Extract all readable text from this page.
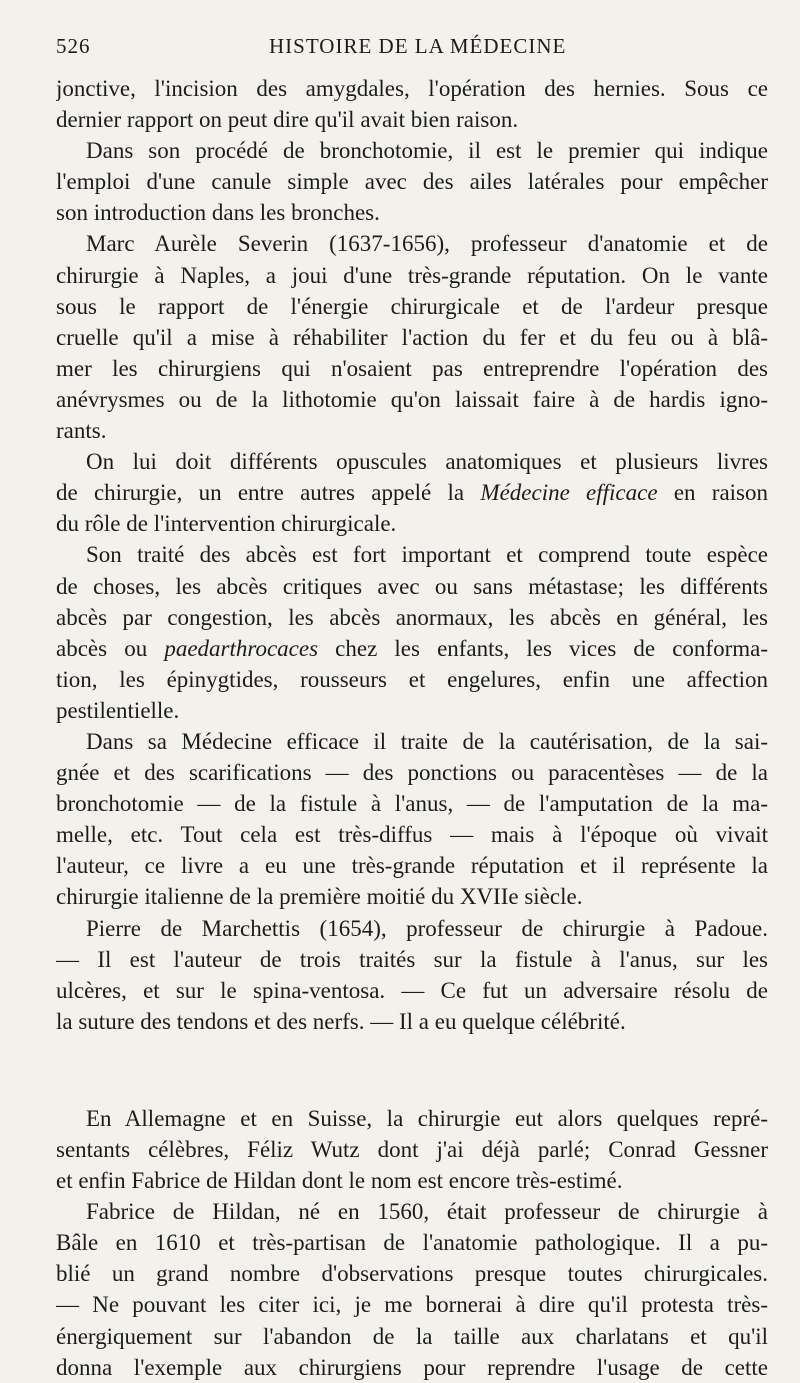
526	HISTOIRE DE LA MÉDECINE
jonctive, l'incision des amygdales, l'opération des hernies. Sous ce
dernier rapport on peut dire qu'il avait bien raison.
Dans son procédé de bronchotomie, il est le premier qui indique
l'emploi d'une canule simple avec des ailes latérales pour empêcher
son introduction dans les bronches.
Marc Aurèle Severin (1637-1656), professeur d'anatomie et de
chirurgie à Naples, a joui d'une très-grande réputation. On le vante
sous le rapport de l'énergie chirurgicale et de l'ardeur presque
cruelle qu'il a mise à réhabiliter l'action du fer et du feu ou à blâ-
mer les chirurgiens qui n'osaient pas entreprendre l'opération des
anévrysmes ou de la lithotomie qu'on laissait faire à de hardis igno-
rants.
On lui doit différents opuscules anatomiques et plusieurs livres
de chirurgie, un entre autres appelé la Médecine efficace en raison
du rôle de l'intervention chirurgicale.
Son traité des abcès est fort important et comprend toute espèce
de choses, les abcès critiques avec ou sans métastase; les différents
abcès par congestion, les abcès anormaux, les abcès en général, les
abcès ou paedarthrocaces chez les enfants, les vices de conforma-
tion, les épinygtides, rousseurs et engelures, enfin une affection
pestilentielle.
Dans sa Médecine efficace il traite de la cautérisation, de la sai-
gnée et des scarifications — des ponctions ou paracentèses — de la
bronchotomie — de la fistule à l'anus, — de l'amputation de la ma-
melle, etc. Tout cela est très-diffus — mais à l'époque où vivait
l'auteur, ce livre a eu une très-grande réputation et il représente la
chirurgie italienne de la première moitié du XVIIe siècle.
Pierre de Marchettis (1654), professeur de chirurgie à Padoue.
— Il est l'auteur de trois traités sur la fistule à l'anus, sur les
ulcères, et sur le spina-ventosa. — Ce fut un adversaire résolu de
la suture des tendons et des nerfs. — Il a eu quelque célébrité.
En Allemagne et en Suisse, la chirurgie eut alors quelques repré-
sentants célèbres, Féliz Wutz dont j'ai déjà parlé; Conrad Gessner
et enfin Fabrice de Hildan dont le nom est encore très-estimé.
Fabrice de Hildan, né en 1560, était professeur de chirurgie à
Bâle en 1610 et très-partisan de l'anatomie pathologique. Il a pu-
blié un grand nombre d'observations presque toutes chirurgicales.
— Ne pouvant les citer ici, je me bornerai à dire qu'il protesta très-
énergiquement sur l'abandon de la taille aux charlatans et qu'il
donna l'exemple aux chirurgiens pour reprendre l'usage de cette
